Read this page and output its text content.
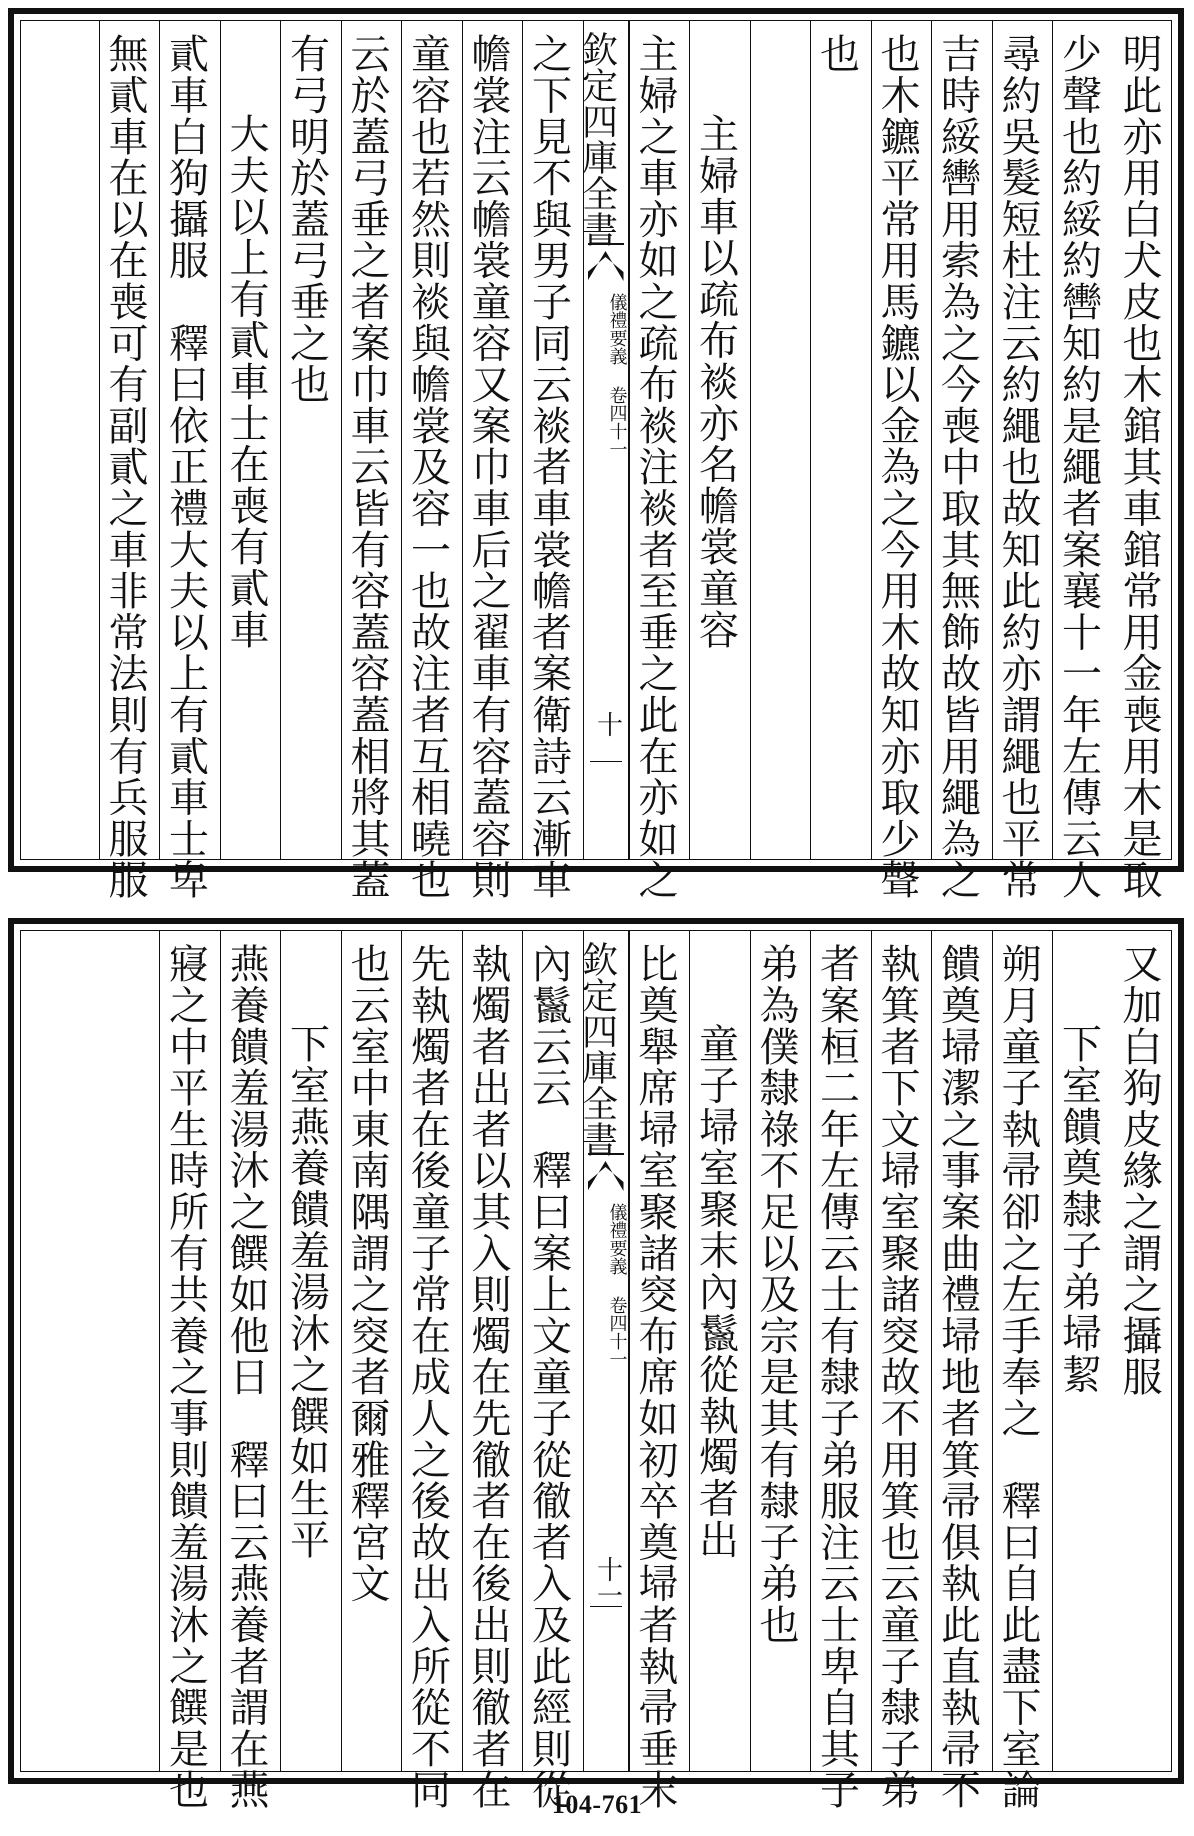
明此亦用白犬皮也木錧其車錧常用金喪用木是取
少聲也約綏約轡知約是繩者案襄十一年左傳云人
尋約吳髮短杜注云約繩也故知此約亦謂繩也平常
吉時綏轡用索為之今喪中取其無飾故皆用繩為之
也木鑣平常用馬鑣以金為之今用木故知亦取少聲
也
主婦車以疏布裧亦名幨裳童容
主婦之車亦如之疏布裧注裧者至垂之此在亦如之
欽定四庫全書
儀禮要義 卷四十一
十
之下見不與男子同云裧者車裳幨者案衛詩云漸車
幨裳注云幨裳童容又案巾車后之翟車有容蓋容則
童容也若然則裧與幨裳及容一也故注者互相曉也
云於蓋弓垂之者案巾車云皆有容蓋容蓋相將其蓋
有弓明於蓋弓垂之也
大夫以上有貳車士在喪有貳車
貳車白狗攝服　釋曰依正禮大夫以上有貳車士卑
無貳車在以在喪可有副貳之車非常法則有兵服服
又加白狗皮緣之謂之攝服
下室饋奠隸子弟埽絜
朔月童子執帚卻之左手奉之　釋曰自此盡下室論
饋奠埽潔之事案曲禮埽地者箕帚俱執此直執帚不
執箕者下文埽室聚諸窔故不用箕也云童子隸子弟
者案桓二年左傳云士有隸子弟服注云士卑自其子
弟為僕隸祿不足以及宗是其有隸子弟也
童子埽室聚末內鬣從執燭者出
比奠舉席埽室聚諸窔布席如初卒奠埽者執帚垂末
欽定四庫全書
儀禮要義 卷四十一
十一
內鬣云云　釋曰案上文童子從徹者入及此經則從
執燭者出者以其入則燭在先徹者在後出則徹者在
先執燭者在後童子常在成人之後故出入所從不同
也云室中東南隅謂之窔者爾雅釋宮文
下室燕養饋羞湯沐之饌如生平
燕養饋羞湯沐之饌如他日　釋曰云燕養者謂在燕
寢之中平生時所有共養之事則饋羞湯沐之饌是也	104-761
